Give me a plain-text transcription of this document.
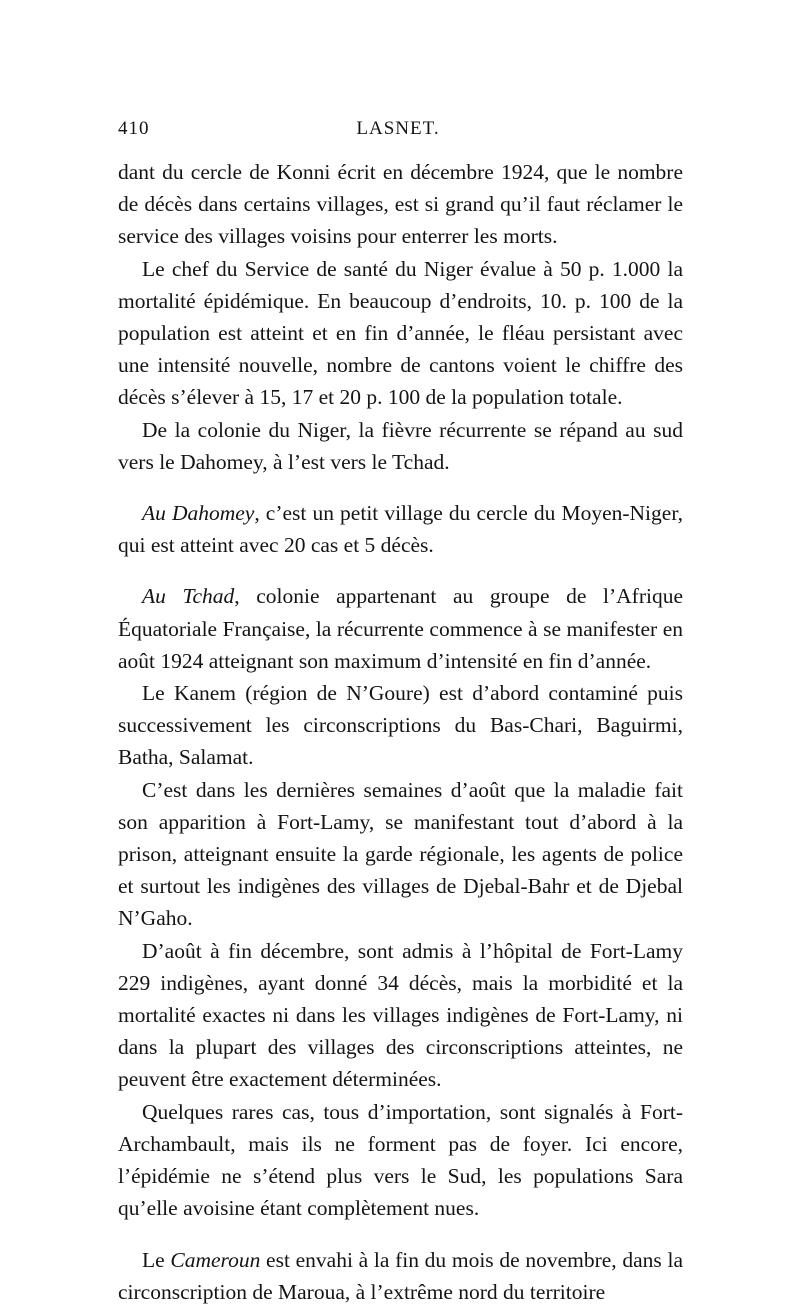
410	LASNET.

dant du cercle de Konni écrit en décembre 1924, que le nombre de décès dans certains villages, est si grand qu’il faut réclamer le service des villages voisins pour enterrer les morts.

Le chef du Service de santé du Niger évalue à 50 p. 1.000 la mortalité épidémique. En beaucoup d’endroits, 10. p. 100 de la population est atteint et en fin d’année, le fléau persistant avec une intensité nouvelle, nombre de cantons voient le chiffre des décès s’élever à 15, 17 et 20 p. 100 de la population totale.

De la colonie du Niger, la fièvre récurrente se répand au sud vers le Dahomey, à l’est vers le Tchad.

Au Dahomey, c’est un petit village du cercle du Moyen-Niger, qui est atteint avec 20 cas et 5 décès.

Au Tchad, colonie appartenant au groupe de l’Afrique Équatoriale Française, la récurrente commence à se manifester en août 1924 atteignant son maximum d’intensité en fin d’année.

Le Kanem (région de N’Goure) est d’abord contaminé puis successivement les circonscriptions du Bas-Chari, Baguirmi, Batha, Salamat.

C’est dans les dernières semaines d’août que la maladie fait son apparition à Fort-Lamy, se manifestant tout d’abord à la prison, atteignant ensuite la garde régionale, les agents de police et surtout les indigènes des villages de Djebal-Bahr et de Djebal N’Gaho.

D’août à fin décembre, sont admis à l’hôpital de Fort-Lamy 229 indigènes, ayant donné 34 décès, mais la morbidité et la mortalité exactes ni dans les villages indigènes de Fort-Lamy, ni dans la plupart des villages des circonscriptions atteintes, ne peuvent être exactement déterminées.

Quelques rares cas, tous d’importation, sont signalés à Fort-Archambault, mais ils ne forment pas de foyer. Ici encore, l’épidémie ne s’étend plus vers le Sud, les populations Sara qu’elle avoisine étant complètement nues.

Le Cameroun est envahi à la fin du mois de novembre, dans la circonscription de Maroua, à l’extrême nord du territoire
